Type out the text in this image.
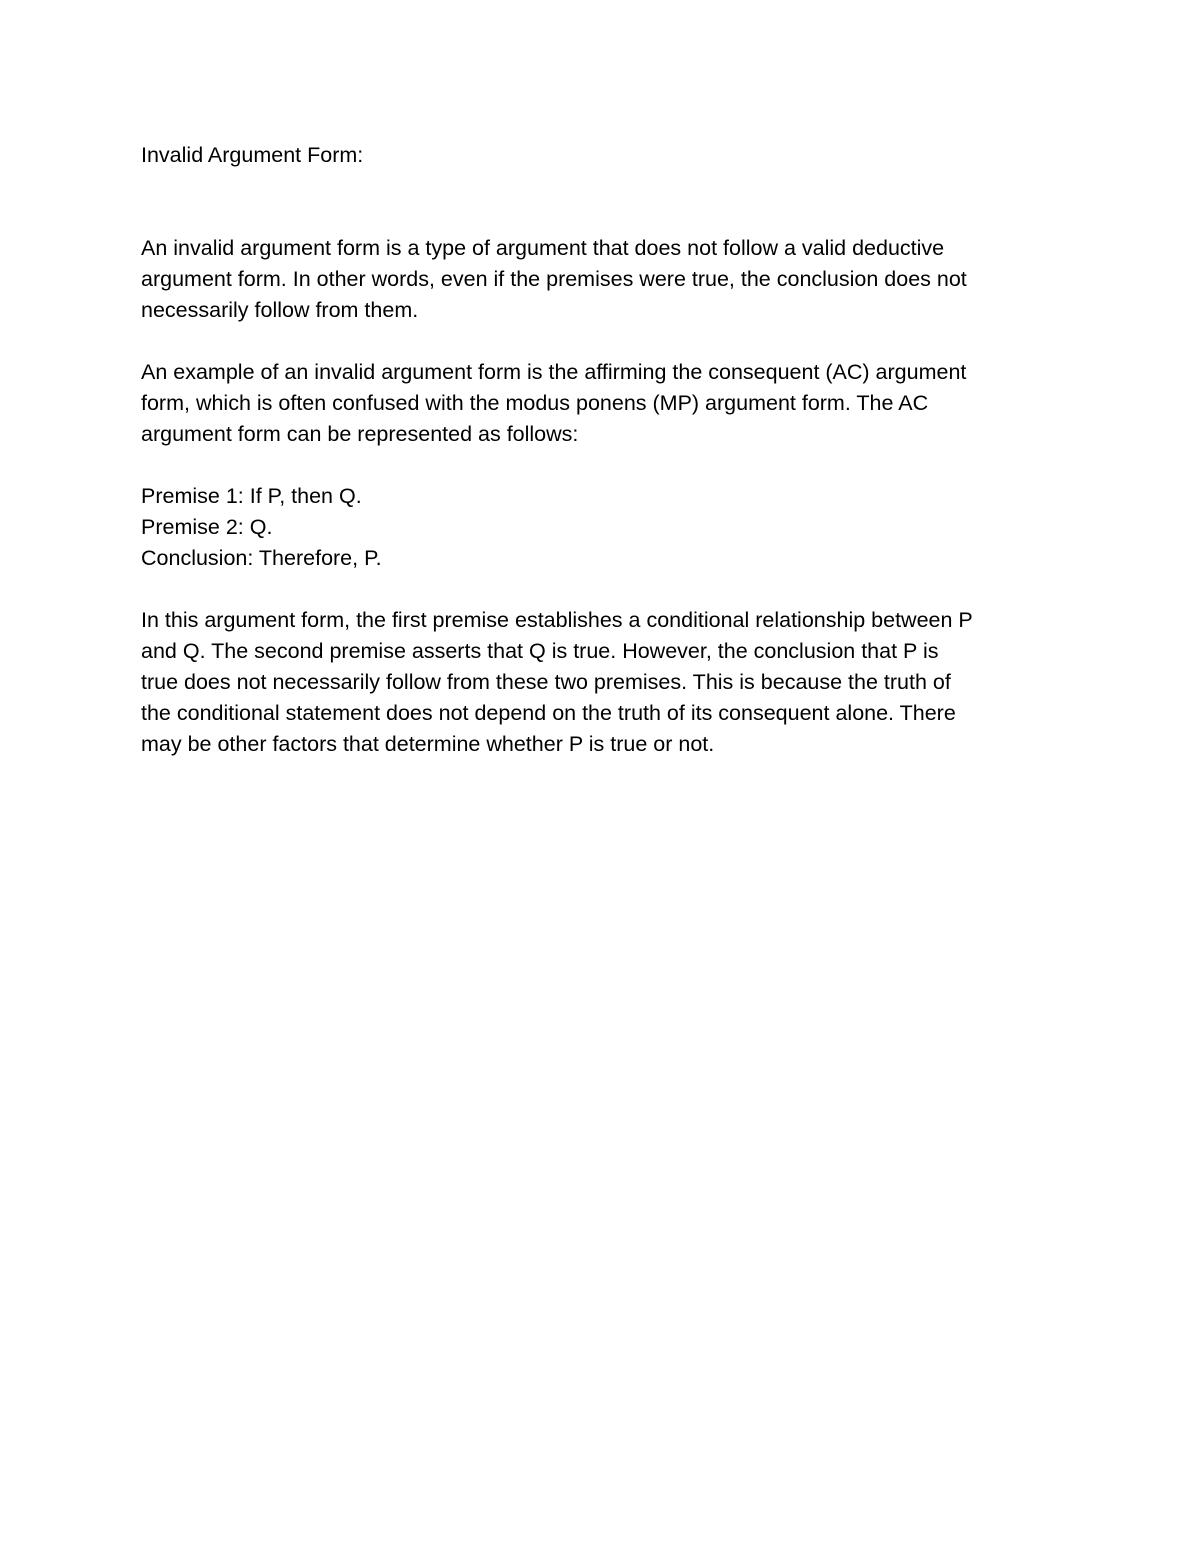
Invalid Argument Form:
An invalid argument form is a type of argument that does not follow a valid deductive
argument form. In other words, even if the premises were true, the conclusion does not
necessarily follow from them.
An example of an invalid argument form is the affirming the consequent (AC) argument
form, which is often confused with the modus ponens (MP) argument form. The AC
argument form can be represented as follows:
Premise 1: If P, then Q.
Premise 2: Q.
Conclusion: Therefore, P.
In this argument form, the first premise establishes a conditional relationship between P
and Q. The second premise asserts that Q is true. However, the conclusion that P is
true does not necessarily follow from these two premises. This is because the truth of
the conditional statement does not depend on the truth of its consequent alone. There
may be other factors that determine whether P is true or not.
